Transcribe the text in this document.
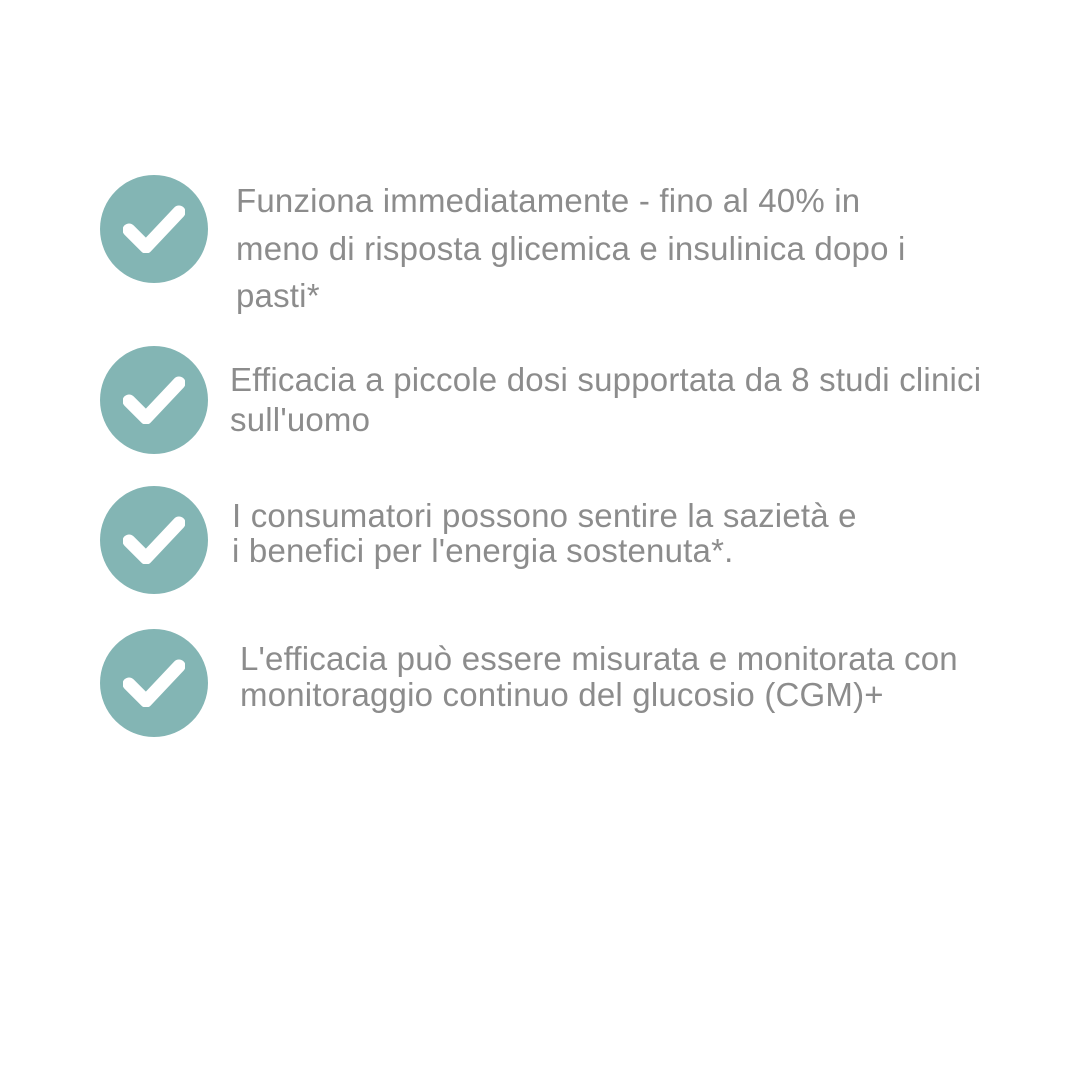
Funziona immediatamente - fino al 40% in meno di risposta glicemica e insulinica dopo i pasti*
Efficacia a piccole dosi supportata da 8 studi clinici sull'uomo
I consumatori possono sentire la sazietà e i benefici per l'energia sostenuta*.
L'efficacia può essere misurata e monitorata con monitoraggio continuo del glucosio (CGM)+
